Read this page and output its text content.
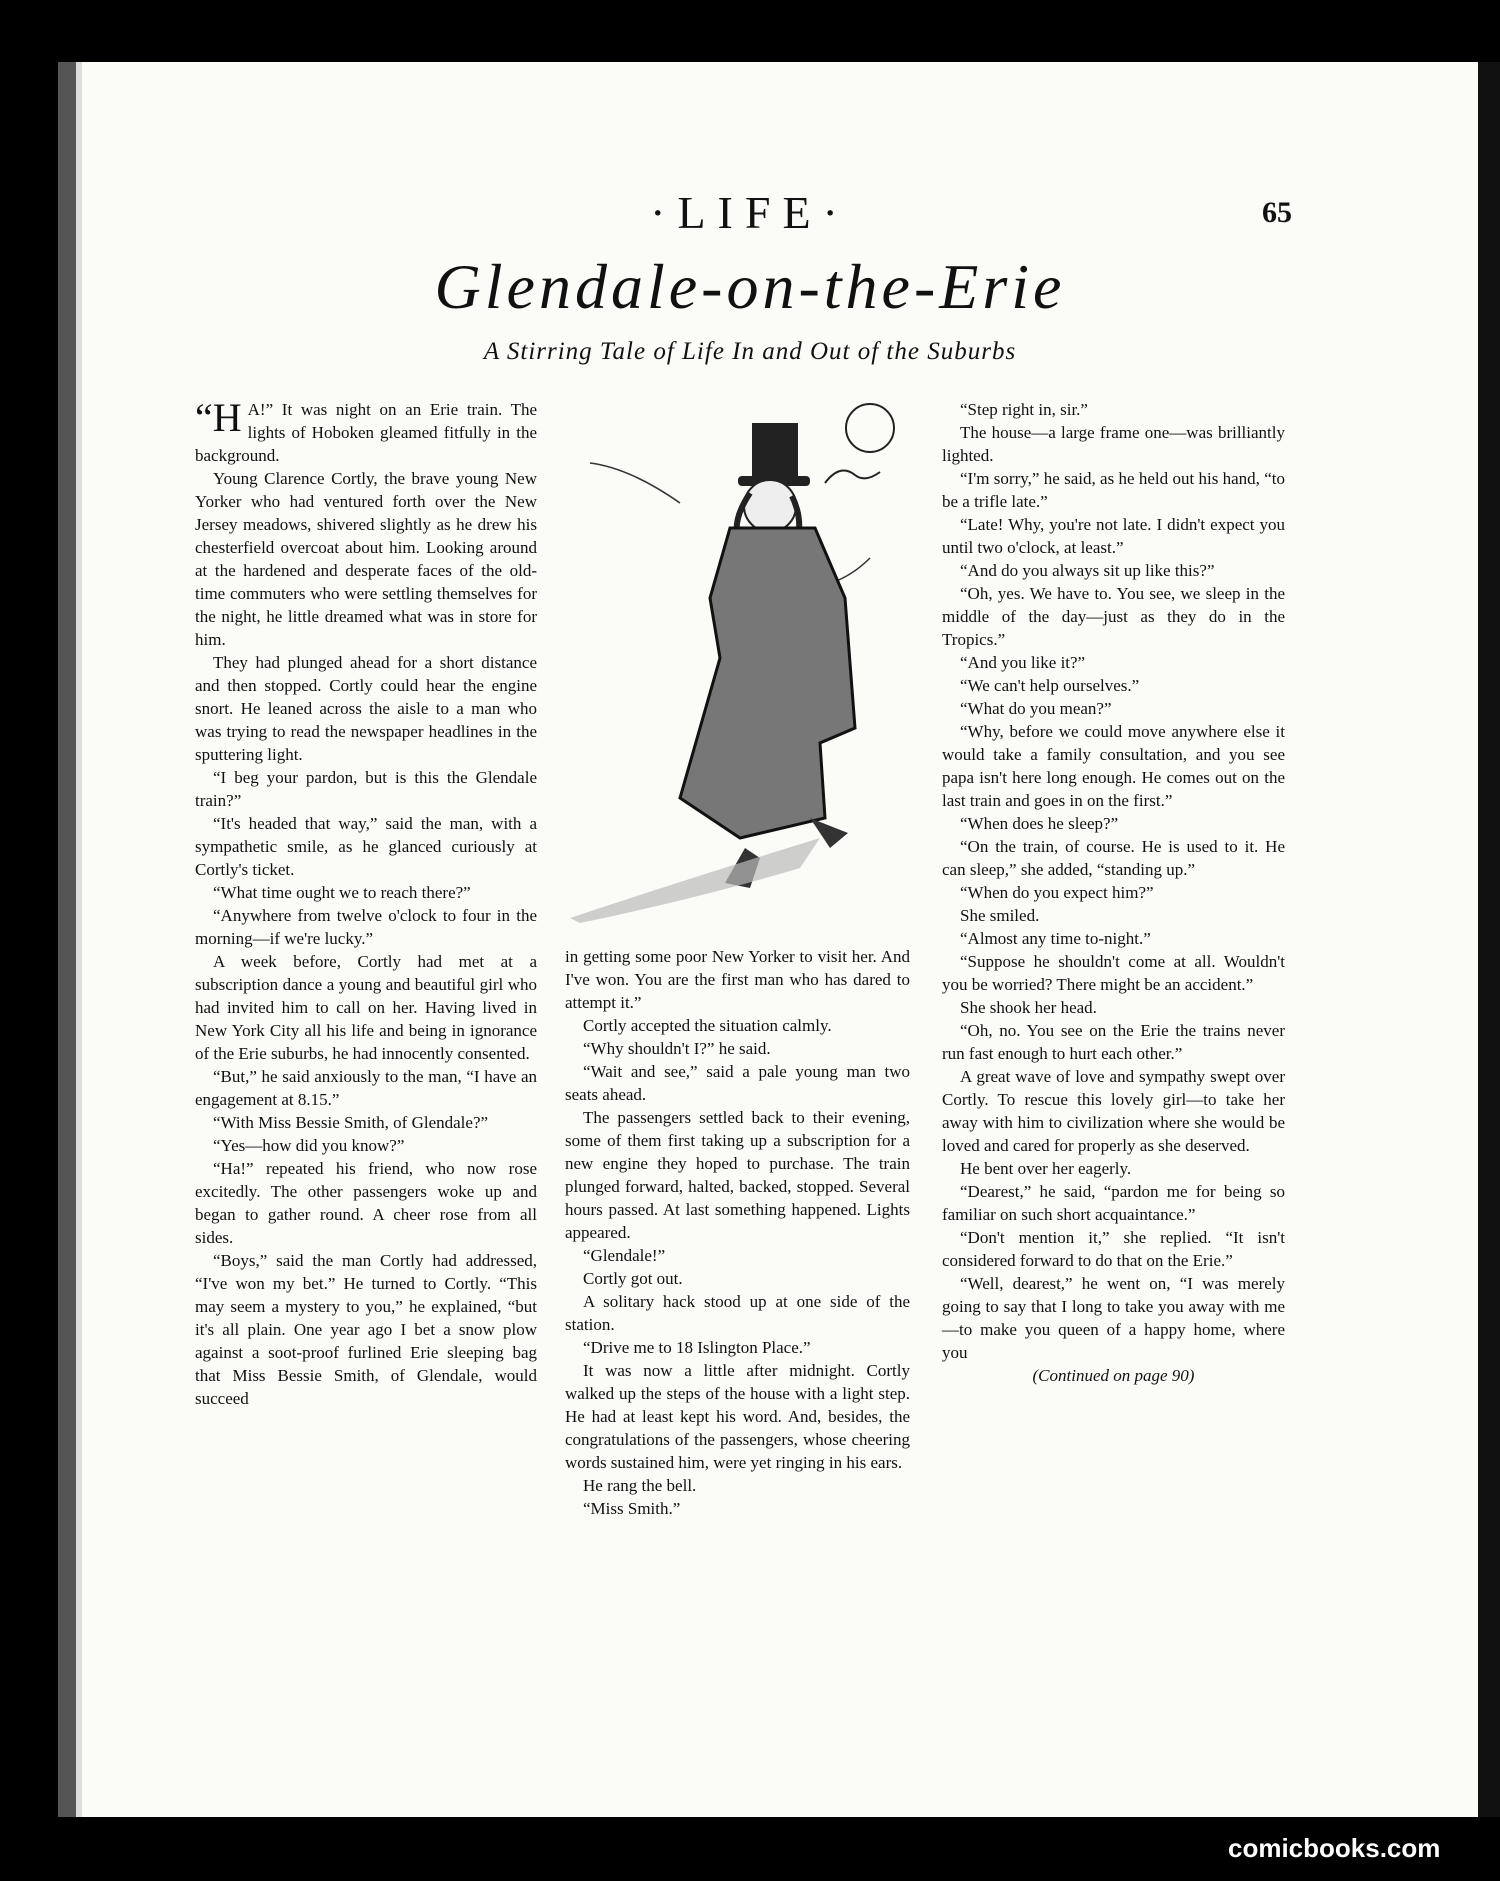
·LIFE·	65
Glendale-on-the-Erie
A Stirring Tale of Life In and Out of the Suburbs
“H A!” It was night on an Erie train. The lights of Hoboken gleamed fitfully in the background.

Young Clarence Cortly, the brave young New Yorker who had ventured forth over the New Jersey meadows, shivered slightly as he drew his chesterfield overcoat about him. Looking around at the hardened and desperate faces of the old-time commuters who were settling themselves for the night, he little dreamed what was in store for him.

They had plunged ahead for a short distance and then stopped. Cortly could hear the engine snort. He leaned across the aisle to a man who was trying to read the newspaper headlines in the sputtering light.

“I beg your pardon, but is this the Glendale train?”

“It's headed that way,” said the man, with a sympathetic smile, as he glanced curiously at Cortly's ticket.

“What time ought we to reach there?”

“Anywhere from twelve o'clock to four in the morning—if we're lucky.”

A week before, Cortly had met at a subscription dance a young and beautiful girl who had invited him to call on her. Having lived in New York City all his life and being in ignorance of the Erie suburbs, he had innocently consented.

“But,” he said anxiously to the man, “I have an engagement at 8.15.”

“With Miss Bessie Smith, of Glendale?”

“Yes—how did you know?”

“Ha!” repeated his friend, who now rose excitedly. The other passengers woke up and began to gather round. A cheer rose from all sides.

“Boys,” said the man Cortly had addressed, “I've won my bet.” He turned to Cortly. “This may seem a mystery to you,” he explained, “but it's all plain. One year ago I bet a snow plow against a soot-proof furlined Erie sleeping bag that Miss Bessie Smith, of Glendale, would succeed

in getting some poor New Yorker to visit her. And I've won. You are the first man who has dared to attempt it.”

Cortly accepted the situation calmly.

“Why shouldn't I?” he said.

“Wait and see,” said a pale young man two seats ahead.

The passengers settled back to their evening, some of them first taking up a subscription for a new engine they hoped to purchase. The train plunged forward, halted, backed, stopped. Several hours passed. At last something happened. Lights appeared.

“Glendale!”

Cortly got out.

A solitary hack stood up at one side of the station.

“Drive me to 18 Islington Place.”

It was now a little after midnight. Cortly walked up the steps of the house with a light step. He had at least kept his word. And, besides, the congratulations of the passengers, whose cheering words sustained him, were yet ringing in his ears.

He rang the bell.

“Miss Smith.”

“Step right in, sir.”

The house—a large frame one—was brilliantly lighted.

“I'm sorry,” he said, as he held out his hand, “to be a trifle late.”

“Late! Why, you're not late. I didn't expect you until two o'clock, at least.”

“And do you always sit up like this?”

“Oh, yes. We have to. You see, we sleep in the middle of the day—just as they do in the Tropics.”

“And you like it?”

“We can't help ourselves.”

“What do you mean?”

“Why, before we could move anywhere else it would take a family consultation, and you see papa isn't here long enough. He comes out on the last train and goes in on the first.”

“When does he sleep?”

“On the train, of course. He is used to it. He can sleep,” she added, “standing up.”

“When do you expect him?”

She smiled.

“Almost any time to-night.”

“Suppose he shouldn't come at all. Wouldn't you be worried? There might be an accident.”

She shook her head.

“Oh, no. You see on the Erie the trains never run fast enough to hurt each other.”

A great wave of love and sympathy swept over Cortly. To rescue this lovely girl—to take her away with him to civilization where she would be loved and cared for properly as she deserved.

He bent over her eagerly.

“Dearest,” he said, “pardon me for being so familiar on such short acquaintance.”

“Don't mention it,” she replied. “It isn't considered forward to do that on the Erie.”

“Well, dearest,” he went on, “I was merely going to say that I long to take you away with me—to make you queen of a happy home, where you

(Continued on page 90)

comicbooks.com
